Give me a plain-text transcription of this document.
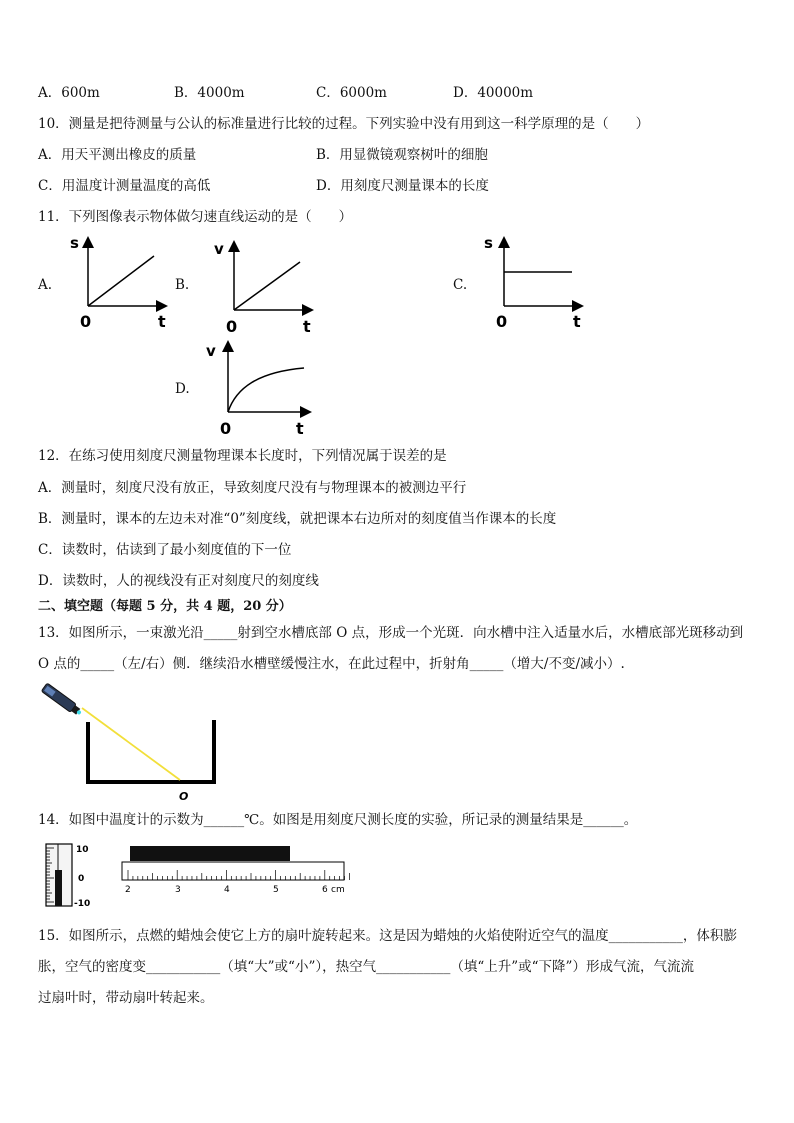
A．600m	B．4000m	C．6000m	D．40000m
10．测量是把待测量与公认的标准量进行比较的过程。下列实验中没有用到这一科学原理的是（　　）
A．用天平测出橡皮的质量	B．用显微镜观察树叶的细胞
C．用温度计测量温度的高低	D．用刻度尺测量课本的长度
11．下列图像表示物体做匀速直线运动的是（　　）
A.
s
t
0
B.
v
t
0
C.
s
t
0
D.
v
t
0
12．在练习使用刻度尺测量物理课本长度时，下列情况属于误差的是
A．测量时，刻度尺没有放正，导致刻度尺没有与物理课本的被测边平行
B．测量时，课本的左边未对准“0”刻度线，就把课本右边所对的刻度值当作课本的长度
C．读数时，估读到了最小刻度值的下一位
D．读数时，人的视线没有正对刻度尺的刻度线
二、填空题（每题 5 分，共 4 题，20 分）
13．如图所示，一束激光沿_____射到空水槽底部 O 点，形成一个光斑．向水槽中注入适量水后，水槽底部光斑移动到
O 点的_____（左/右）侧．继续沿水槽壁缓慢注水，在此过程中，折射角_____（增大/不变/减小）.
O
14．如图中温度计的示数为______℃。如图是用刻度尺测长度的实验，所记录的测量结果是______。
10
0
-10
2	3	4	5	6 cm
15．如图所示，点燃的蜡烛会使它上方的扇叶旋转起来。这是因为蜡烛的火焰使附近空气的温度___________，体积膨
胀，空气的密度变___________（填“大”或“小”），热空气___________（填“上升”或“下降”）形成气流，气流流
过扇叶时，带动扇叶转起来。
